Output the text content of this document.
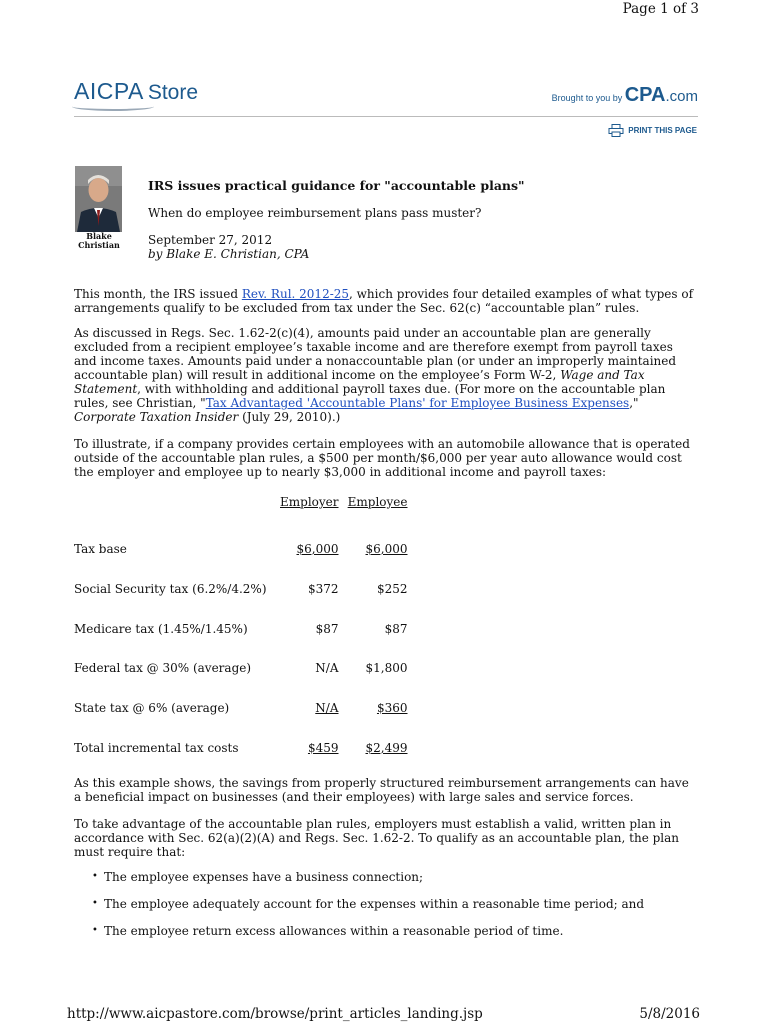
Page 1 of 3
AICPA Store	Brought to you by CPA.com
PRINT THIS PAGE
Blake
Christian
IRS issues practical guidance for "accountable plans"
When do employee reimbursement plans pass muster?
September 27, 2012
by Blake E. Christian, CPA

This month, the IRS issued Rev. Rul. 2012-25, which provides four detailed examples of what types of arrangements qualify to be excluded from tax under the Sec. 62(c) “accountable plan” rules.

As discussed in Regs. Sec. 1.62-2(c)(4), amounts paid under an accountable plan are generally excluded from a recipient employee’s taxable income and are therefore exempt from payroll taxes and income taxes. Amounts paid under a nonaccountable plan (or under an improperly maintained accountable plan) will result in additional income on the employee’s Form W-2, Wage and Tax Statement, with withholding and additional payroll taxes due. (For more on the accountable plan rules, see Christian, "Tax Advantaged 'Accountable Plans' for Employee Business Expenses," Corporate Taxation Insider (July 29, 2010).)

To illustrate, if a company provides certain employees with an automobile allowance that is operated outside of the accountable plan rules, a $500 per month/$6,000 per year auto allowance would cost the employer and employee up to nearly $3,000 in additional income and payroll taxes:

	Employer	Employee
Tax base	$6,000	$6,000
Social Security tax (6.2%/4.2%)	$372	$252
Medicare tax (1.45%/1.45%)	$87	$87
Federal tax @ 30% (average)	N/A	$1,800
State tax @ 6% (average)	N/A	$360
Total incremental tax costs	$459	$2,499

As this example shows, the savings from properly structured reimbursement arrangements can have a beneficial impact on businesses (and their employees) with large sales and service forces.

To take advantage of the accountable plan rules, employers must establish a valid, written plan in accordance with Sec. 62(a)(2)(A) and Regs. Sec. 1.62-2. To qualify as an accountable plan, the plan must require that:

• The employee expenses have a business connection;
• The employee adequately account for the expenses within a reasonable time period; and
• The employee return excess allowances within a reasonable period of time.
http://www.aicpastore.com/browse/print_articles_landing.jsp	5/8/2016
